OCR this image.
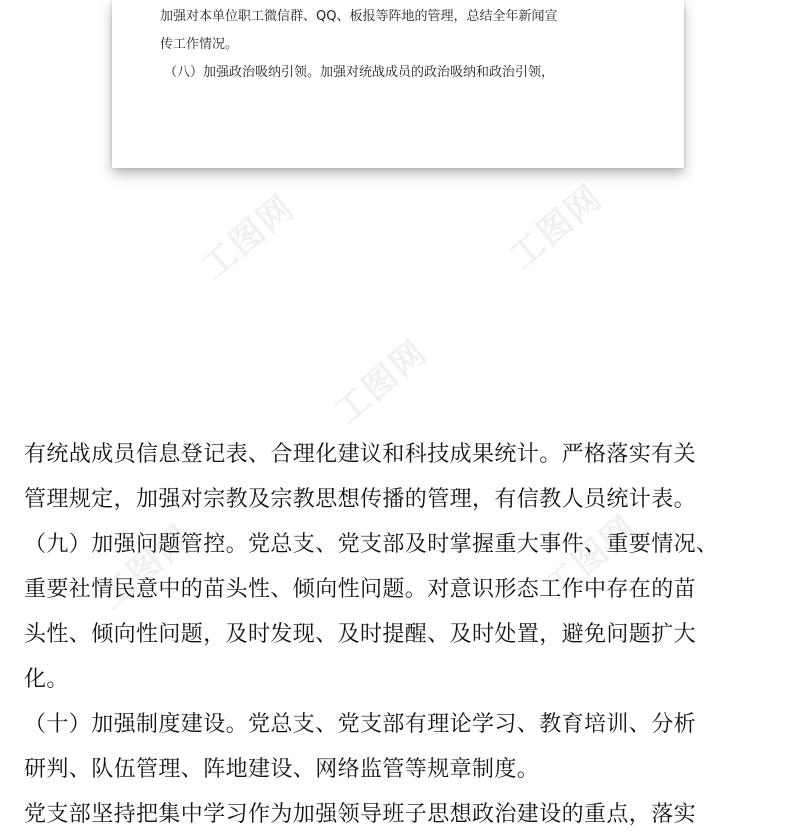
加强对本单位职工微信群、QQ、板报等阵地的管理，总结全年新闻宣
传工作情况。
（八）加强政治吸纳引领。加强对统战成员的政治吸纳和政治引领，
工图网	工图网
工图网
工图网	工图网
有统战成员信息登记表、合理化建议和科技成果统计。严格落实有关
管理规定，加强对宗教及宗教思想传播的管理，有信教人员统计表。
（九）加强问题管控。党总支、党支部及时掌握重大事件、重要情况、
重要社情民意中的苗头性、倾向性问题。对意识形态工作中存在的苗
头性、倾向性问题，及时发现、及时提醒、及时处置，避免问题扩大
化。
（十）加强制度建设。党总支、党支部有理论学习、教育培训、分析
研判、队伍管理、阵地建设、网络监管等规章制度。
党支部坚持把集中学习作为加强领导班子思想政治建设的重点，落实
